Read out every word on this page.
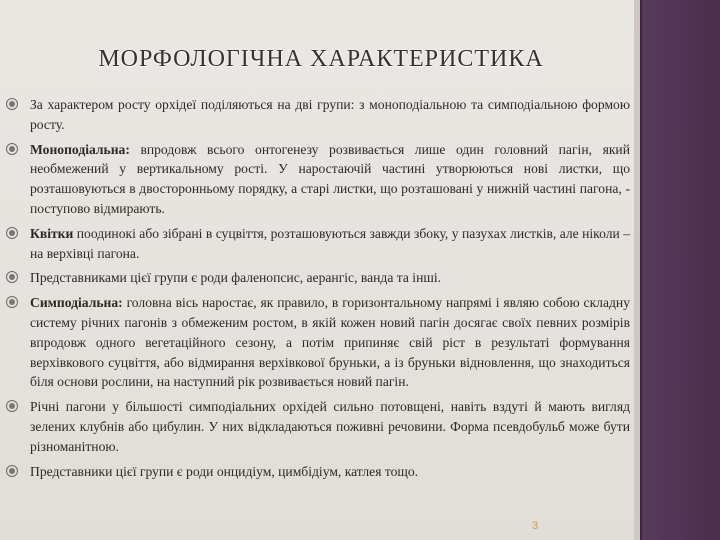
МОРФОЛОГІЧНА ХАРАКТЕРИСТИКА
За характером росту орхідеї поділяються на дві групи: з моноподіальною та симподіальною формою росту.
Моноподіальна: впродовж всього онтогенезу розвивається лише один головний пагін, який необмежений у вертикальному рості. У наростаючій частині утворюються нові листки, що розташовуються в двосторонньому порядку, а старі листки, що розташовані у нижній частині пагона, - поступово відмирають.
Квітки поодинокі або зібрані в суцвіття, розташовуються завжди збоку, у пазухах листків, але ніколи – на верхівці пагона.
Представниками цієї групи є роди фаленопсис, аерангіс, ванда та інші.
Симподіальна: головна вісь наростає, як правило, в горизонтальному напрямі і являю собою складну систему річних пагонів з обмеженим ростом, в якій кожен новий пагін досягає своїх певних розмірів впродовж одного вегетаційного сезону, а потім припиняє свій ріст в результаті формування верхівкового суцвіття, або відмирання верхівкової бруньки, а із бруньки відновлення, що знаходиться біля основи рослини, на наступний рік розвивається новий пагін.
Річні пагони у більшості симподіальних орхідей сильно потовщені, навіть вздуті й мають вигляд зелених клубнів або цибулин. У них відкладаються поживні речовини. Форма псевдобульб може бути різноманітною.
Представники цієї групи є роди онцидіум, цимбідіум, катлея тощо.
3
